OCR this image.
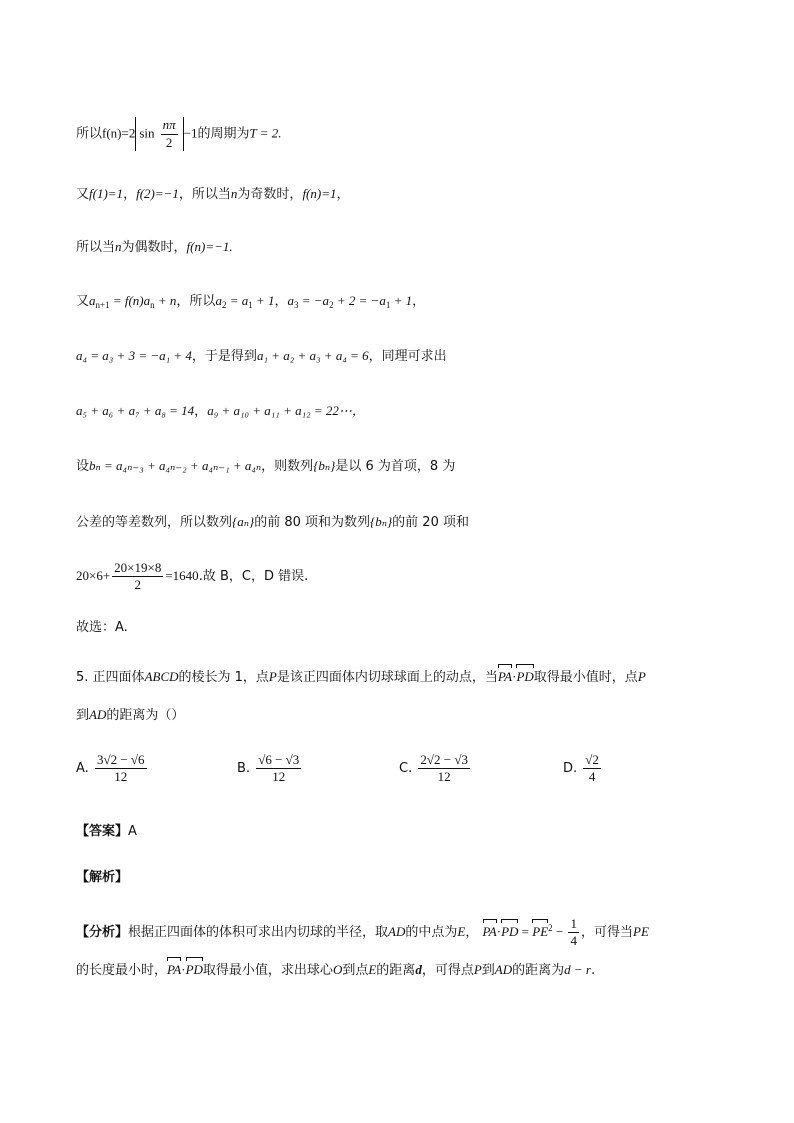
所以f(n)=2 $\sin \frac{n\pi}{2} -1$的周期为T = 2.
又f(1)=1，f(2)=−1，所以当n为奇数时，f(n)=1，
所以当n为偶数时，f(n)=−1.
又$a_{n+1} = f(n)a_n + n$，所以$a_2 = a_1 + 1$，$a_3 = -a_2 + 2 = -a_1 + 1$，
a₄ = a₃ + 3 = −a₁ + 4，于是得到a₁ + a₂ + a₃ + a₄ = 6，同理可求出
a₅ + a₆ + a₇ + a₈ = 14，a₉ + a₁₀ + a₁₁ + a₁₂ = 22⋯，
设bₙ = a₄ₙ₋₃ + a₄ₙ₋₂ + a₄ₙ₋₁ + a₄ₙ，则数列{bₙ}是以 6 为首项，8 为
公差的等差数列，所以数列{aₙ}的前 80 项和为数列{bₙ}的前 20 项和
$20\times 6+ \frac{20\times 19\times 8}{2} =1640$.故 B，C，D 错误.
故选：A.
5. 正四面体ABCD的棱长为 1，点P是该正四面体内切球球面上的动点，当PA·PD取得最小值时，点P
到AD的距离为（）
A. $\frac{3√2 - √6}{12}$	B. $\frac{√6 - √3}{12}$	C. $\frac{2√2 - √3}{12}$	D. $\frac{√2}{4}$
【答案】A
【解析】
【分析】根据正四面体的体积可求出内切球的半径，取AD的中点为E， $PA\cdot PD = PE^2 - \frac{1}{4}$ ，可得当PE
的长度最小时，PA·PD取得最小值，求出球心O到点E的距离d，可得点P到AD的距离为d − r.
